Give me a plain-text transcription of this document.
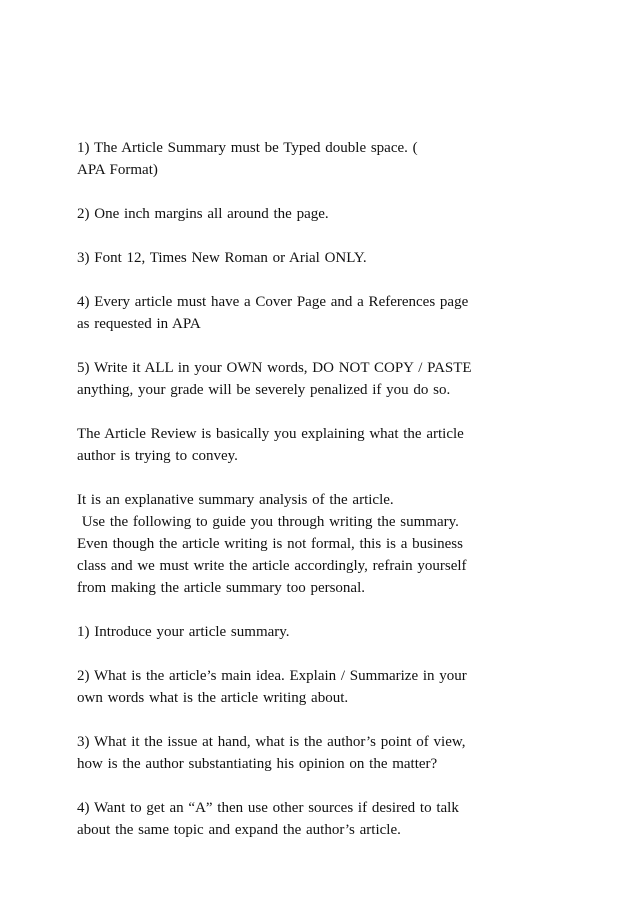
1) The Article Summary must be Typed double space. (
APA Format)

2) One inch margins all around the page.

3) Font 12, Times New Roman or Arial ONLY.

4) Every article must have a Cover Page and a References page
as requested in APA

5) Write it ALL in your OWN words, DO NOT COPY / PASTE
anything, your grade will be severely penalized if you do so.

The Article Review is basically you explaining what the article
author is trying to convey.

It is an explanative summary analysis of the article.
Use the following to guide you through writing the summary.
Even though the article writing is not formal, this is a business
class and we must write the article accordingly, refrain yourself
from making the article summary too personal.

1) Introduce your article summary.

2) What is the article’s main idea. Explain / Summarize in your
own words what is the article writing about.

3) What it the issue at hand, what is the author’s point of view,
how is the author substantiating his opinion on the matter?

4) Want to get an “A” then use other sources if desired to talk
about the same topic and expand the author’s article.
